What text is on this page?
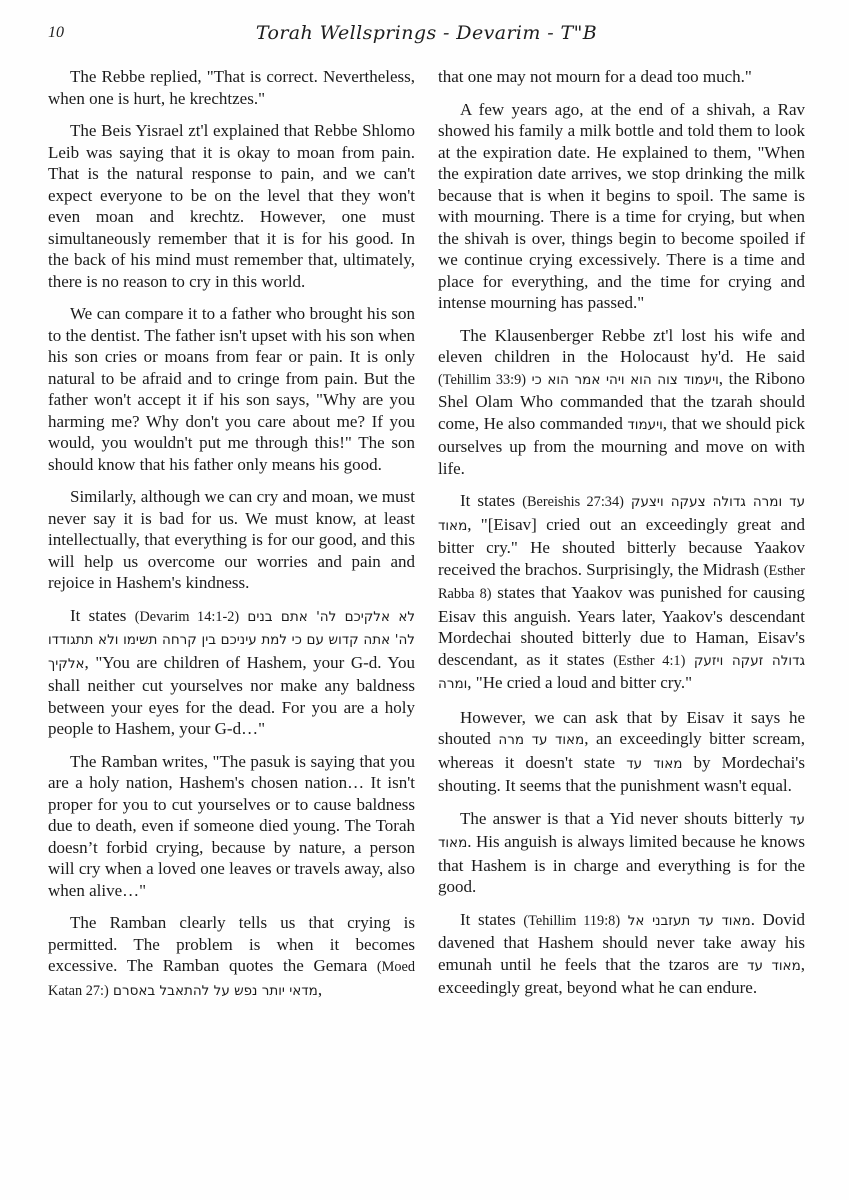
10	Torah Wellsprings - Devarim - T"B

The Rebbe replied, "That is correct. Nevertheless, when one is hurt, he krechtzes."

The Beis Yisrael zt'l explained that Rebbe Shlomo Leib was saying that it is okay to moan from pain. That is the natural response to pain, and we can't expect everyone to be on the level that they won't even moan and krechtz. However, one must simultaneously remember that it is for his good. In the back of his mind must remember that, ultimately, there is no reason to cry in this world.

We can compare it to a father who brought his son to the dentist. The father isn't upset with his son when his son cries or moans from fear or pain. It is only natural to be afraid and to cringe from pain. But the father won't accept it if his son says, "Why are you harming me? Why don't you care about me? If you would, you wouldn't put me through this!" The son should know that his father only means his good.

Similarly, although we can cry and moan, we must never say it is bad for us. We must know, at least intellectually, that everything is for our good, and this will help us overcome our worries and pain and rejoice in Hashem's kindness.

It states (Devarim 14:1-2) בנים אתם לה' אלקיכם לא תתגודדו ולא תשימו קרחה בין עיניכם למת כי עם קדוש אתה לה' אלקיך, "You are children of Hashem, your G-d. You shall neither cut yourselves nor make any baldness between your eyes for the dead. For you are a holy people to Hashem, your G-d…"

The Ramban writes, "The pasuk is saying that you are a holy nation, Hashem's chosen nation… It isn't proper for you to cut yourselves or to cause baldness due to death, even if someone died young. The Torah doesn’t forbid crying, because by nature, a person will cry when a loved one leaves or travels away, also when alive…"

The Ramban clearly tells us that crying is permitted. The problem is when it becomes excessive. The Ramban quotes the Gemara (Moed Katan 27:) באסרם להתאבל על נפש יותר מדאי,

that one may not mourn for a dead too much."

A few years ago, at the end of a shivah, a Rav showed his family a milk bottle and told them to look at the expiration date. He explained to them, "When the expiration date arrives, we stop drinking the milk because that is when it begins to spoil. The same is with mourning. There is a time for crying, but when the shivah is over, things begin to become spoiled if we continue crying excessively. There is a time and place for everything, and the time for crying and intense mourning has passed."

The Klausenberger Rebbe zt'l lost his wife and eleven children in the Holocaust hy'd. He said (Tehillim 33:9) כי הוא אמר ויהי הוא צוה ויעמוד, the Ribono Shel Olam Who commanded that the tzarah should come, He also commanded ויעמוד, that we should pick ourselves up from the mourning and move on with life.

It states (Bereishis 27:34) ויצעק צעקה גדולה ומרה עד מאוד, "[Eisav] cried out an exceedingly great and bitter cry." He shouted bitterly because Yaakov received the brachos. Surprisingly, the Midrash (Esther Rabba 8) states that Yaakov was punished for causing Eisav this anguish. Years later, Yaakov's descendant Mordechai shouted bitterly due to Haman, Eisav's descendant, as it states (Esther 4:1) ויזעק זעקה גדולה ומרה, "He cried a loud and bitter cry."

However, we can ask that by Eisav it says he shouted מרה עד מאוד, an exceedingly bitter scream, whereas it doesn't state עד מאוד by Mordechai's shouting. It seems that the punishment wasn't equal.

The answer is that a Yid never shouts bitterly עד מאוד. His anguish is always limited because he knows that Hashem is in charge and everything is for the good.

It states (Tehillim 119:8) אל תעזבני עד מאוד. Dovid davened that Hashem should never take away his emunah until he feels that the tzaros are עד מאוד, exceedingly great, beyond what he can endure.
